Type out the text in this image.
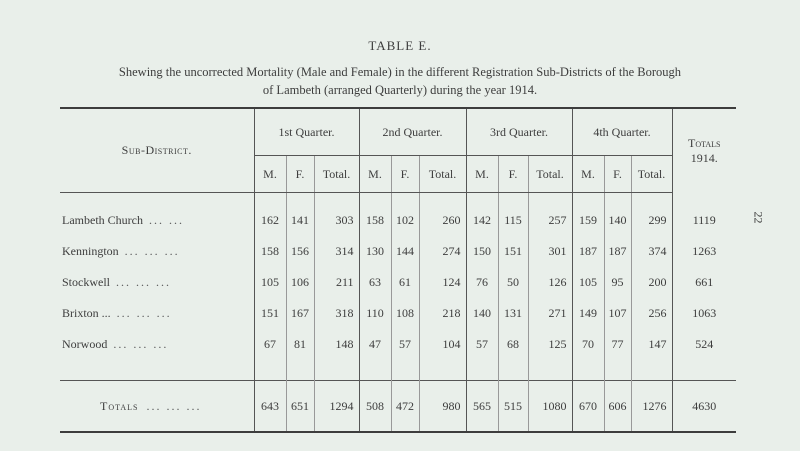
TABLE E.
Shewing the uncorrected Mortality (Male and Female) in the different Registration Sub-Districts of the Borough
of Lambeth (arranged Quarterly) during the year 1914.
22

Sub-District.	1st Quarter.			2nd Quarter.			3rd Quarter.			4th Quarter.			Totals
1914.

	M.	F.	Total.	M.	F.	Total.	M.	F.	Total.	M.	F.	Total.	

Lambeth Church ... ...	162	141	303	158	102	260	142	115	257	159	140	299	1119
Kennington ... ... ...	158	156	314	130	144	274	150	151	301	187	187	374	1263
Stockwell ... ... ...	105	106	211	63	61	124	76	50	126	105	95	200	661
Brixton ... ... ... ...	151	167	318	110	108	218	140	131	271	149	107	256	1063
Norwood ... ... ...	67	81	148	47	57	104	57	68	125	70	77	147	524

Totals ... ... ...	643	651	1294	508	472	980	565	515	1080	670	606	1276	4630
